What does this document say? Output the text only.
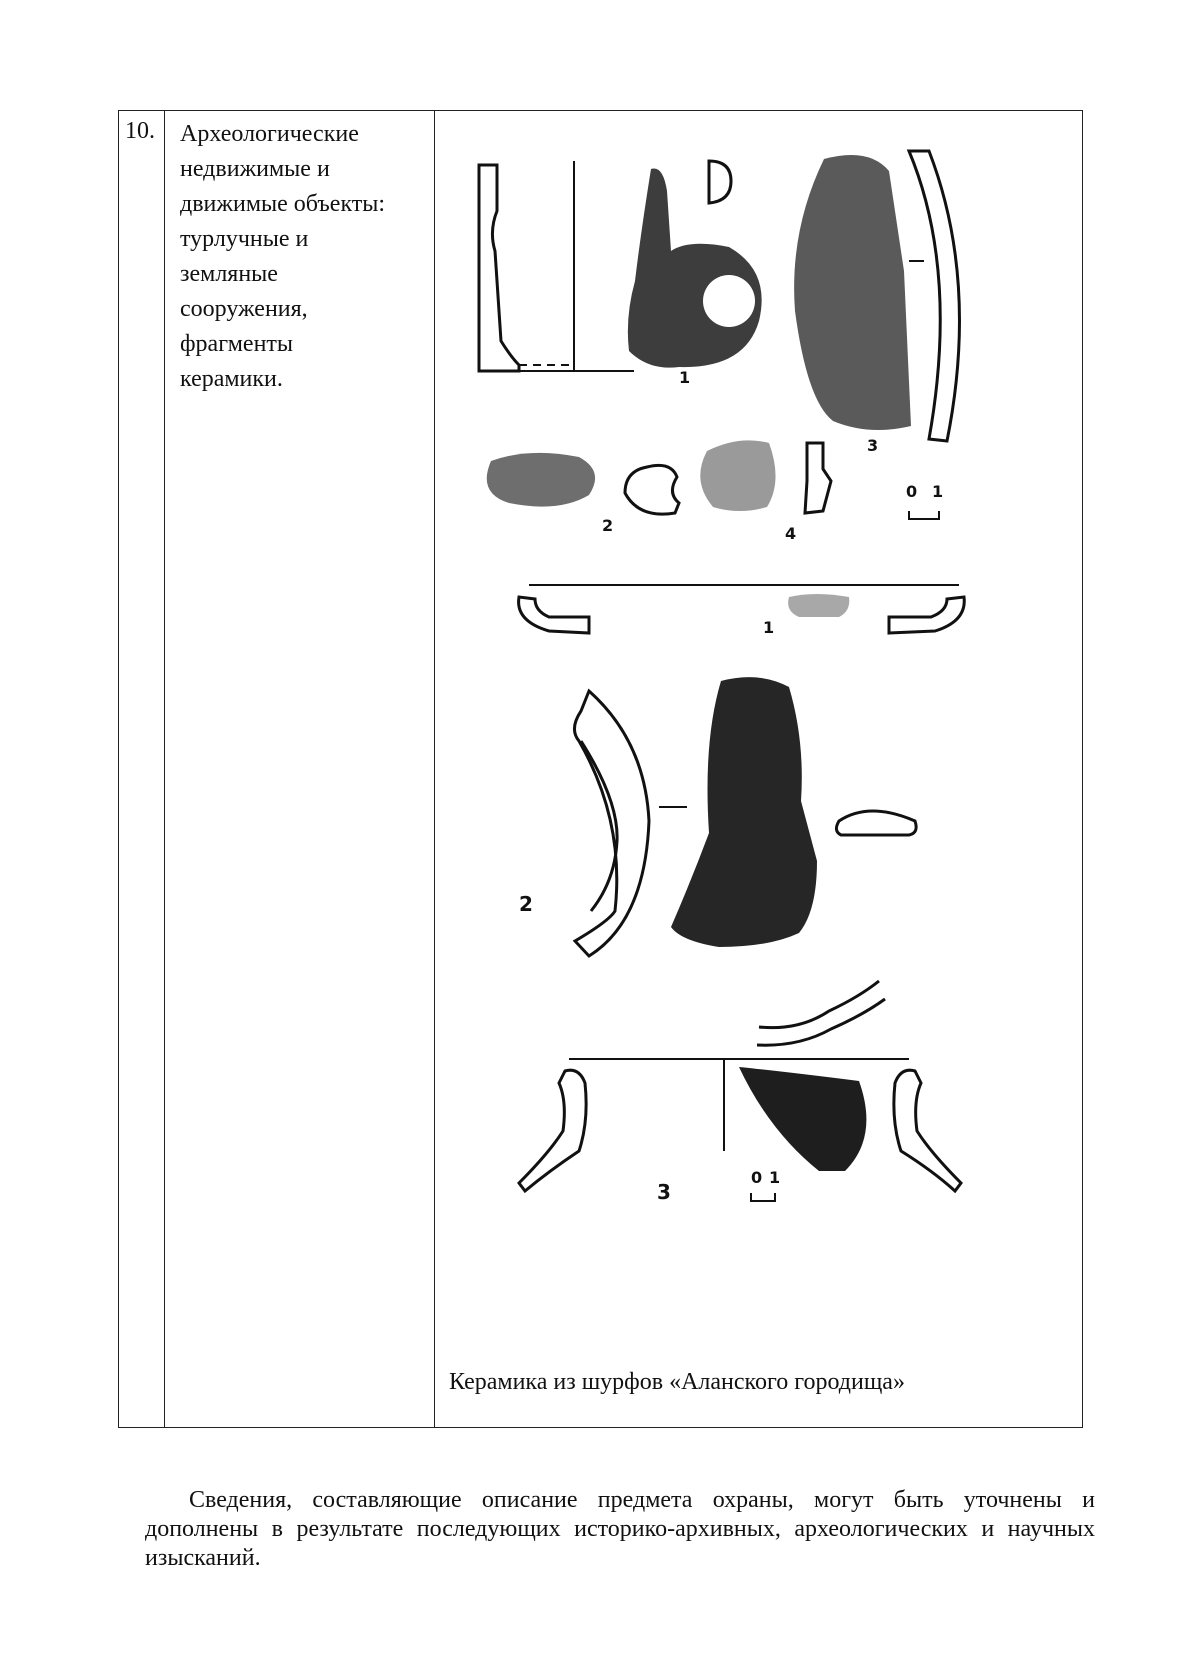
10. Археологические
недвижимые и
движимые объекты:
турлучные и
земляные
сооружения,
фрагменты
керамики.	1
3
2	4
0 1
1
2
3
0 1
Керамика из шурфов «Аланского городища»

Сведения, составляющие описание предмета охраны, могут быть уточнены и дополнены в результате последующих историко-архивных, археологических и научных изысканий.
